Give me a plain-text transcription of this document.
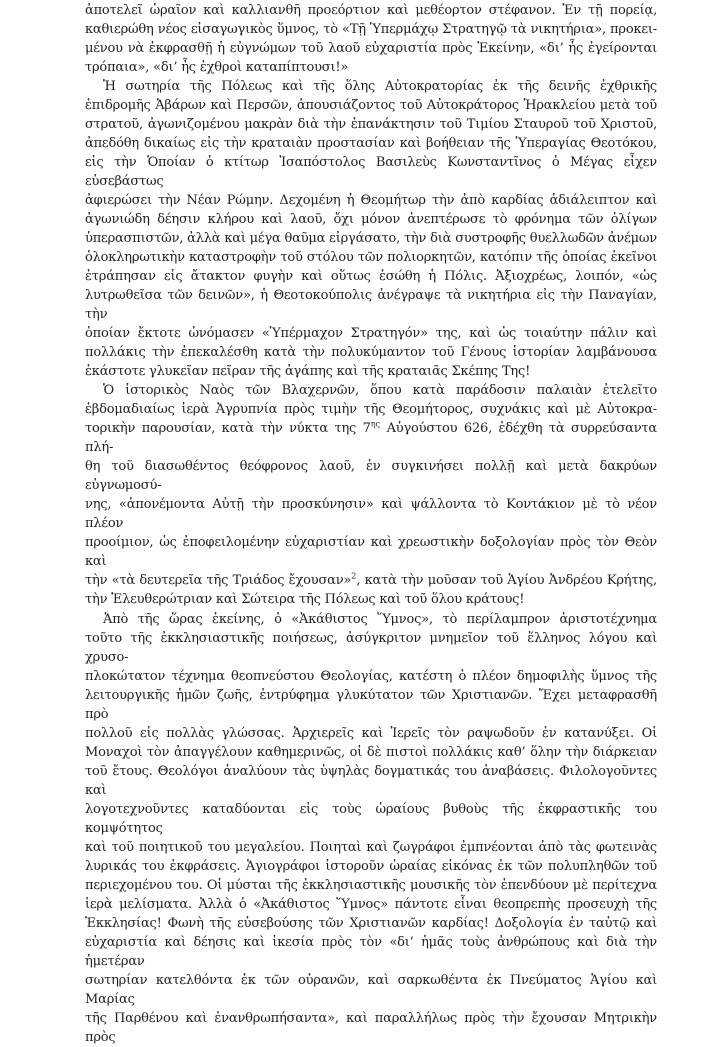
ἀποτελεῖ ὡραῖον καὶ καλλιανθῆ προεόρτιον καὶ μεθέορτον στέφανον. Ἐν τῇ πορείᾳ,
καθιερώθη νέος εἰσαγωγικὸς ὕμνος, τὸ «Τῇ Ὑπερμάχῳ Στρατηγῷ τὰ νικητήρια», προκει-
μένου νὰ ἐκφρασθῇ ἡ εὐγνώμων τοῦ λαοῦ εὐχαριστία πρὸς Ἐκείνην, «δι’ ἧς ἐγείρονται
τρόπαια», «δι’ ἧς ἐχθροὶ καταπίπτουσι!»
Ἡ σωτηρία τῆς Πόλεως καὶ τῆς ὅλης Αὐτοκρατορίας ἐκ τῆς δεινῆς ἐχθρικῆς
ἐπιδρομῆς Ἀβάρων καὶ Περσῶν, ἀπουσιάζοντος τοῦ Αὐτοκράτορος Ἡρακλείου μετὰ τοῦ
στρατοῦ, ἀγωνιζομένου μακρὰν διὰ τὴν ἐπανάκτησιν τοῦ Τιμίου Σταυροῦ τοῦ Χριστοῦ,
ἀπεδόθη δικαίως εἰς τὴν κραταιὰν προστασίαν καὶ βοήθειαν τῆς Ὑπεραγίας Θεοτόκου,
εἰς τὴν Ὁποίαν ὁ κτίτωρ Ἰσαπόστολος Βασιλεὺς Κωνσταντῖνος ὁ Μέγας εἶχεν εὐσεβάστως
ἀφιερώσει τὴν Νέαν Ρώμην. Δεχομένη ἡ Θεομήτωρ τὴν ἀπὸ καρδίας ἀδιάλειπτον καὶ
ἀγωνιώδη δέησιν κλήρου καὶ λαοῦ, ὄχι μόνον ἀνεπτέρωσε τὸ φρόνημα τῶν ὀλίγων
ὑπερασπιστῶν, ἀλλὰ καὶ μέγα θαῦμα εἰργάσατο, τὴν διὰ συστροφῆς θυελλωδῶν ἀνέμων
ὁλοκληρωτικὴν καταστροφὴν τοῦ στόλου τῶν πολιορκητῶν, κατόπιν τῆς ὁποίας ἐκεῖνοι
ἐτράπησαν εἰς ἄτακτον φυγὴν καὶ οὕτως ἐσώθη ἡ Πόλις. Ἀξιοχρέως, λοιπόν, «ὡς
λυτρωθεῖσα τῶν δεινῶν», ἡ Θεοτοκούπολις ἀνέγραψε τὰ νικητήρια εἰς τὴν Παναγίαν, τὴν
ὁποίαν ἔκτοτε ὠνόμασεν «Ὑπέρμαχον Στρατηγόν» της, καὶ ὡς τοιαύτην πάλιν καὶ
πολλάκις τὴν ἐπεκαλέσθη κατὰ τὴν πολυκύμαντον τοῦ Γένους ἱστορίαν λαμβάνουσα
ἑκάστοτε γλυκεῖαν πεῖραν τῆς ἀγάπης καὶ τῆς κραταιᾶς Σκέπης Της!
Ὁ ἱστορικὸς Ναὸς τῶν Βλαχερνῶν, ὅπου κατὰ παράδοσιν παλαιὰν ἐτελεῖτο
ἑβδομαδιαίως ἱερὰ Ἀγρυπνία πρὸς τιμὴν τῆς Θεομήτορος, συχνάκις καὶ μὲ Αὐτοκρα-
τορικὴν παρουσίαν, κατὰ τὴν νύκτα της $7^{\eta\varsigma}$ Αὐγούστου 626, ἐδέχθη τὰ συρρεύσαντα πλή-
θη τοῦ διασωθέντος θεόφρονος λαοῦ, ἐν συγκινήσει πολλῇ καὶ μετὰ δακρύων εὐγνωμοσύ-
νης, «ἀπονέμοντα Αὐτῇ τὴν προσκύνησιν» καὶ ψάλλοντα τὸ Κοντάκιον μὲ τὸ νέον πλέον
προοίμιον, ὡς ἐποφειλομένην εὐχαριστίαν καὶ χρεωστικὴν δοξολογίαν πρὸς τὸν Θεὸν καὶ
τὴν «τὰ δευτερεῖα τῆς Τριάδος ἔχουσαν»$^2$, κατὰ τὴν μοῦσαν τοῦ Ἁγίου Ἀνδρέου Κρήτης,
τὴν Ἐλευθερώτριαν καὶ Σώτειρα τῆς Πόλεως καὶ τοῦ ὅλου κράτους!
Ἀπὸ τῆς ὥρας ἐκείνης, ὁ «Ἀκάθιστος Ὕμνος», τὸ περίλαμπρον ἀριστοτέχνημα
τοῦτο τῆς ἐκκλησιαστικῆς ποιήσεως, ἀσύγκριτον μνημεῖον τοῦ ἕλληνος λόγου καὶ χρυσο-
πλοκώτατον τέχνημα θεοπνεύστου Θεολογίας, κατέστη ὁ πλέον δημοφιλὴς ὕμνος τῆς
λειτουργικῆς ἡμῶν ζωῆς, ἐντρύφημα γλυκύτατον τῶν Χριστιανῶν. Ἔχει μεταφρασθῆ πρὸ
πολλοῦ εἰς πολλὰς γλώσσας. Ἀρχιερεῖς καὶ Ἱερεῖς τὸν ραψωδοῦν ἐν κατανύξει. Οἱ
Μοναχοὶ τὸν ἀπαγγέλουν καθημερινῶς, οἱ δὲ πιστοὶ πολλάκις καθ’ ὅλην τὴν διάρκειαν
τοῦ ἔτους. Θεολόγοι ἀναλύουν τὰς ὑψηλὰς δογματικάς του ἀναβάσεις. Φιλολογοῦντες καὶ
λογοτεχνοῦντες καταδύονται εἰς τοὺς ὡραίους βυθοὺς τῆς ἐκφραστικῆς του κομψότητος
καὶ τοῦ ποιητικοῦ του μεγαλείου. Ποιηταὶ καὶ ζωγράφοι ἐμπνέονται ἀπὸ τὰς φωτεινὰς
λυρικάς του ἐκφράσεις. Ἁγιογράφοι ἱστοροῦν ὡραίας εἰκόνας ἐκ τῶν πολυπληθῶν τοῦ
περιεχομένου του. Οἱ μύσται τῆς ἐκκλησιαστικῆς μουσικῆς τὸν ἐπενδύουν μὲ περίτεχνα
ἱερὰ μελίσματα. Ἀλλὰ ὁ «Ἀκάθιστος Ὕμνος» πάντοτε εἶναι θεοπρεπὴς προσευχὴ τῆς
Ἐκκλησίας! Φωνὴ τῆς εὐσεβούσης τῶν Χριστιανῶν καρδίας! Δοξολογία ἐν ταὐτῷ καὶ
εὐχαριστία καὶ δέησις καὶ ἱκεσία πρὸς τὸν «δι’ ἡμᾶς τοὺς ἀνθρώπους καὶ διὰ τὴν ἡμετέραν
σωτηρίαν κατελθόντα ἐκ τῶν οὐρανῶν, καὶ σαρκωθέντα ἐκ Πνεύματος Ἁγίου καὶ Μαρίας
τῆς Παρθένου καὶ ἐνανθρωπήσαντα», καὶ παραλλήλως πρὸς τὴν ἔχουσαν Μητρικὴν πρὸς
